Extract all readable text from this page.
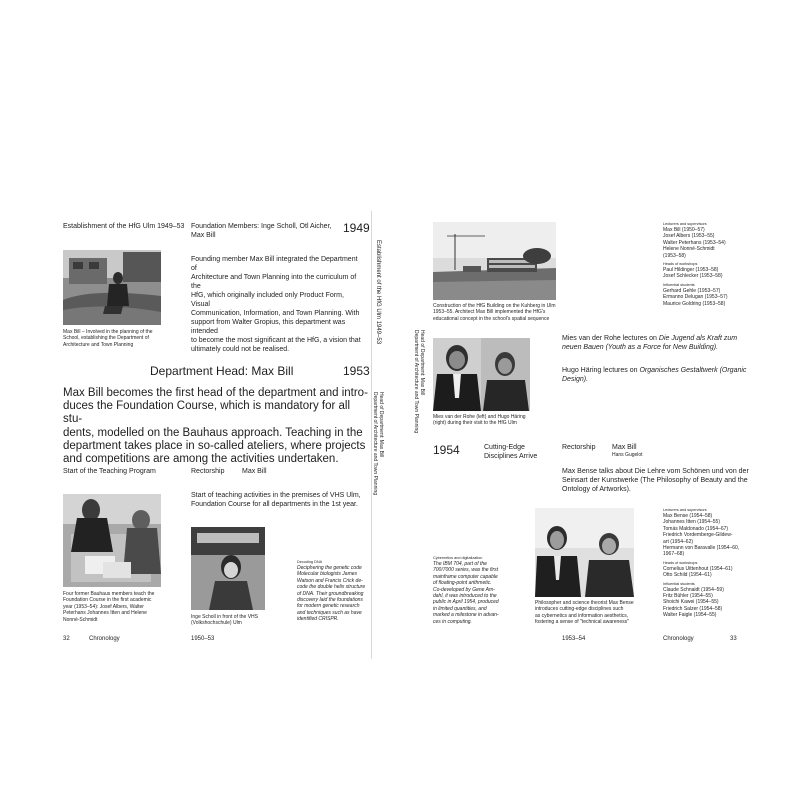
Establishment of the HfG Ulm 1949–53 Foundation Members: Inge Scholl, Otl Aicher,
Max Bill
1949
Max Bill – Involved in the planning of the
School, establishing the Department of
Architecture and Town Planning
Founding member Max Bill integrated the Department of
Architecture and Town Planning into the curriculum of the
HfG, which originally included only Product Form, Visual
Communication, Information, and Town Planning. With
support from Walter Gropius, this department was intended
to become the most significant at the HfG, a vision that
ultimately could not be realised.
Establishment of the HfG Ulm 1949–53
Department Head: Max Bill	1953
Max Bill becomes the first head of the department and intro-
duces the Foundation Course, which is mandatory for all stu-
dents, modelled on the Bauhaus approach. Teaching in the
department takes place in so-called ateliers, where projects
and competitions are among the activities undertaken.
Head of Department: Max Bill
Department of Architecture and Town Planning
Start of the Teaching Program	Rectorship	Max Bill
Start of teaching activities in the premises of VHS Ulm,
Foundation Course for all departments in the 1st year.
Four former Bauhaus members teach the
Foundation Course in the first academic
year (1953–54): Josef Albers, Walter
Peterhans Johannes Itten and Helene
Nonné-Schmidt	Inge Scholl in front of the VHS
(Volkshochschule) Ulm
Decoding DNA
Deciphering the genetic code
Molecular biologists James
Watson and Francis Crick de-
code the double helix structure
of DNA. Their groundbreaking
discovery laid the foundations
for modern genetic research
and techniques such as have
identified CRISPR.
32	Chronology	1950–53
Head of Department: Max Bill
Department of Architecture and Town Planning
Construction of the HfG Building on the Kuhberg in Ulm
1953–55. Architect Max Bill implemented the HfG's
educational concept in the school's spatial sequence
Lecturers and supervisors
Max Bill (1950–57)
Josef Albers (1953–55)
Walter Peterhans (1953–54)
Helene Nonné-Schmidt
(1953–58)
Heads of workshops
Paul Hildinger (1953–58)
Josef Schlecker (1953–58)
Influential students
Gerhard Gehle (1953–57)
Ermanno Delugan (1953–57)
Maurice Goldring (1953–58)
Mies van der Rohe (left) and Hugo Häring
(right) during their visit to the HfG Ulm
Mies van der Rohe lectures on Die Jugend als Kraft zum
neuen Bauen (Youth as a Force for New Building).
Hugo Häring lectures on Organisches Gestaltwerk (Organic
Design).
1954	Cutting-Edge
Disciplines Arrive
Rectorship Max Bill
Hans Gugelot
Max Bense talks about Die Lehre vom Schönen und von der
Seinsart der Kunstwerke (The Philosophy of Beauty and the
Ontology of Artworks).
Cybernetics and digitalization
The IBM 704, part of the
700/7000 series, was the first
mainframe computer capable
of floating-point arithmetic.
Co-developed by Gene Am-
dahl, it was introduced to the
public in April 1954, produced
in limited quantities, and
marked a milestone in advan-
ces in computing.
Philosopher and science theorist Max Bense
introduces cutting-edge disciplines such
as cybernetics and information aesthetics,
fostering a sense of "technical awareness"
Lecturers and supervisors
Max Bense (1954–58)
Johannes Itten (1954–55)
Tomás Maldonado (1954–67)
Friedrich Vordemberge-Gildew-
art (1954–62)
Hermann von Baravalle (1954–60,
1967–68)
Heads of workshops
Cornelius Uittenhout (1954–61)
Otto Schild (1954–61)
Influential students
Claude Schnaidt (1954–59)
Fritz Bühler (1954–55)
Shoichi Kawei (1954–55)
Friedrich Salzer (1954–58)
Walter Faigle (1954–55)
1953–54	Chronology	33
